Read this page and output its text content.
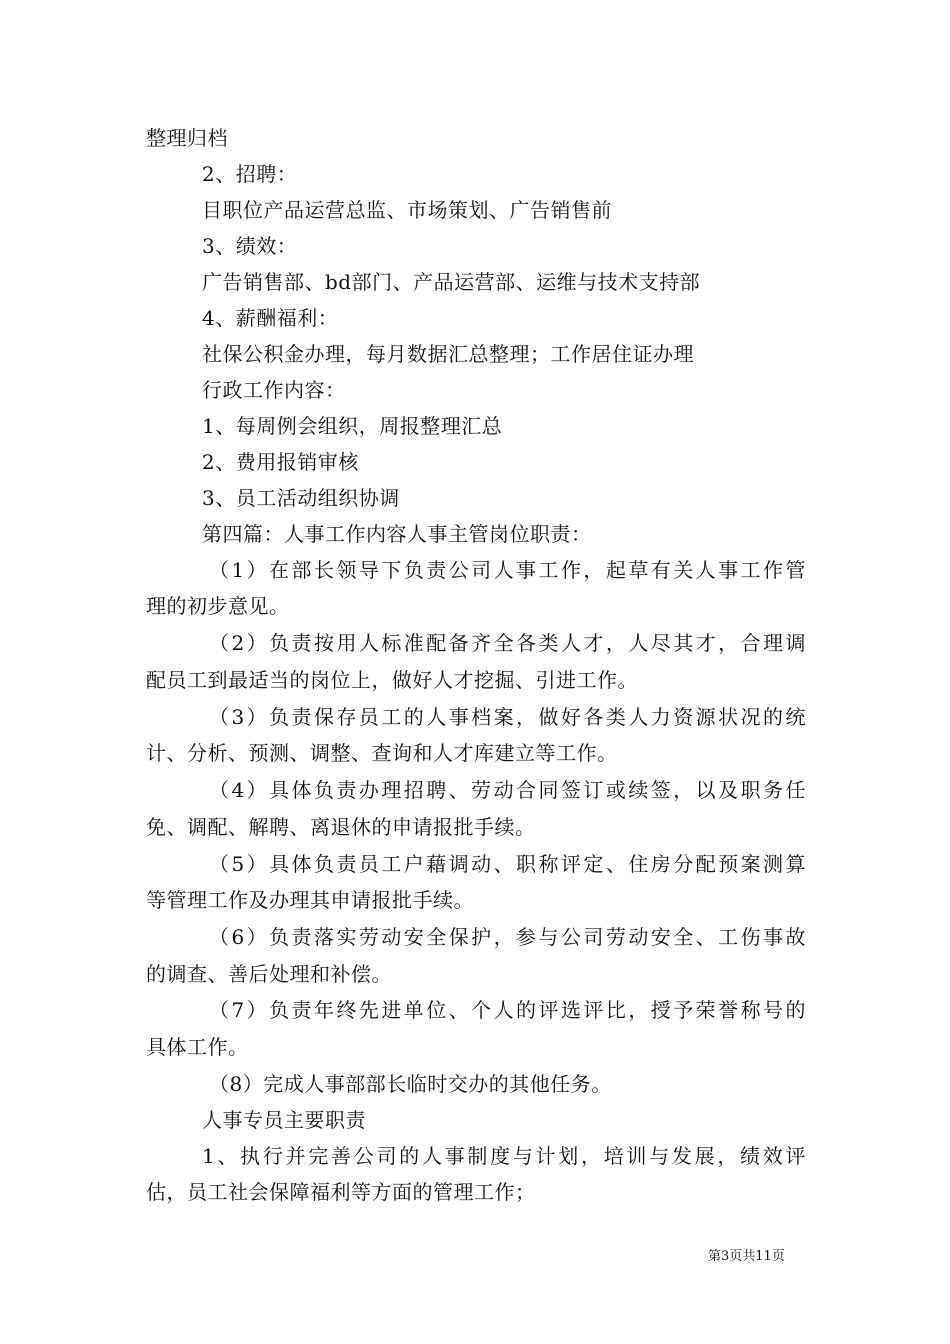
整理归档
2、招聘：
目职位产品运营总监、市场策划、广告销售前
3、绩效：
广告销售部、bd部门、产品运营部、运维与技术支持部
4、薪酬福利：
社保公积金办理，每月数据汇总整理；工作居住证办理
行政工作内容：
1、每周例会组织，周报整理汇总
2、费用报销审核
3、员工活动组织协调
第四篇：人事工作内容人事主管岗位职责：
（1）在部长领导下负责公司人事工作，起草有关人事工作管
理的初步意见。
（2）负责按用人标准配备齐全各类人才，人尽其才，合理调
配员工到最适当的岗位上，做好人才挖掘、引进工作。
（3）负责保存员工的人事档案，做好各类人力资源状况的统
计、分析、预测、调整、查询和人才库建立等工作。
（4）具体负责办理招聘、劳动合同签订或续签，以及职务任
免、调配、解聘、离退休的申请报批手续。
（5）具体负责员工户藉调动、职称评定、住房分配预案测算
等管理工作及办理其申请报批手续。
（6）负责落实劳动安全保护，参与公司劳动安全、工伤事故
的调查、善后处理和补偿。
（7）负责年终先进单位、个人的评选评比，授予荣誉称号的
具体工作。
（8）完成人事部部长临时交办的其他任务。
人事专员主要职责
1、执行并完善公司的人事制度与计划，培训与发展，绩效评
估，员工社会保障福利等方面的管理工作；
第3页共11页
